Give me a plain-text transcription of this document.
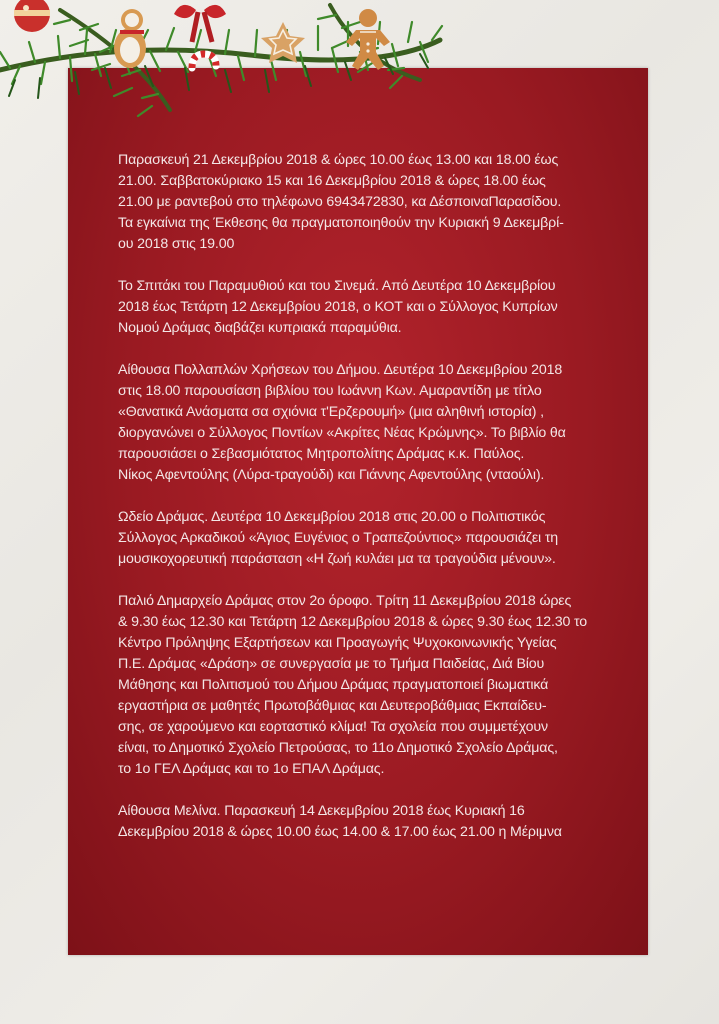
Παρασκευή 21 Δεκεμβρίου 2018 & ώρες 10.00 έως 13.00 και 18.00 έως
21.00. Σαββατοκύριακο 15 και 16 Δεκεμβρίου 2018 & ώρες 18.00 έως
21.00 με ραντεβού στο τηλέφωνο 6943472830, κα ΔέσποιναΠαρασίδου.
Τα εγκαίνια της Έκθεσης θα πραγματοποιηθούν την Κυριακή 9 Δεκεμβρί-
ου 2018 στις 19.00
Το Σπιτάκι του Παραμυθιού και του Σινεμά. Από Δευτέρα 10 Δεκεμβρίου
2018 έως Τετάρτη 12 Δεκεμβρίου 2018, ο ΚΟΤ και ο Σύλλογος Κυπρίων
Νομού Δράμας διαβάζει κυπριακά παραμύθια.
Αίθουσα Πολλαπλών Χρήσεων του Δήμου. Δευτέρα 10 Δεκεμβρίου 2018
στις 18.00 παρουσίαση βιβλίου του Ιωάννη Κων. Αμαραντίδη με τίτλο
«Θανατικά Ανάσματα σα σχιόνια τ'Ερζερουμή» (μια αληθινή ιστορία) ,
διοργανώνει ο Σύλλογος Ποντίων «Ακρίτες Νέας Κρώμνης». Το βιβλίο θα
παρουσιάσει ο Σεβασμιότατος Μητροπολίτης Δράμας κ.κ. Παύλος.
Νίκος Αφεντούλης (Λύρα-τραγούδι) και Γιάννης Αφεντούλης (νταούλι).
Ωδείο Δράμας. Δευτέρα 10 Δεκεμβρίου 2018 στις 20.00 ο Πολιτιστικός
Σύλλογος Αρκαδικού «Άγιος Ευγένιος ο Τραπεζούντιος» παρουσιάζει τη
μουσικοχορευτική παράσταση «Η ζωή κυλάει μα τα τραγούδια μένουν».
Παλιό Δημαρχείο Δράμας στον 2ο όροφο. Τρίτη 11 Δεκεμβρίου 2018 ώρες
& 9.30 έως 12.30 και Τετάρτη 12 Δεκεμβρίου 2018 & ώρες 9.30 έως 12.30 το
Κέντρο Πρόληψης Εξαρτήσεων και Προαγωγής Ψυχοκοινωνικής Υγείας
Π.Ε. Δράμας «Δράση» σε συνεργασία με το Τμήμα Παιδείας, Διά Βίου
Μάθησης και Πολιτισμού του Δήμου Δράμας πραγματοποιεί βιωματικά
εργαστήρια σε μαθητές Πρωτοβάθμιας και Δευτεροβάθμιας Εκπαίδευ-
σης, σε χαρούμενο και εορταστικό κλίμα! Τα σχολεία που συμμετέχουν
είναι, το Δημοτικό Σχολείο Πετρούσας, το 11ο Δημοτικό Σχολείο Δράμας,
το 1ο ΓΕΛ Δράμας και το 1ο ΕΠΑΛ Δράμας.
Αίθουσα Μελίνα. Παρασκευή 14 Δεκεμβρίου 2018 έως Κυριακή 16
Δεκεμβρίου 2018 & ώρες 10.00 έως 14.00 & 17.00 έως 21.00 η Μέριμνα
